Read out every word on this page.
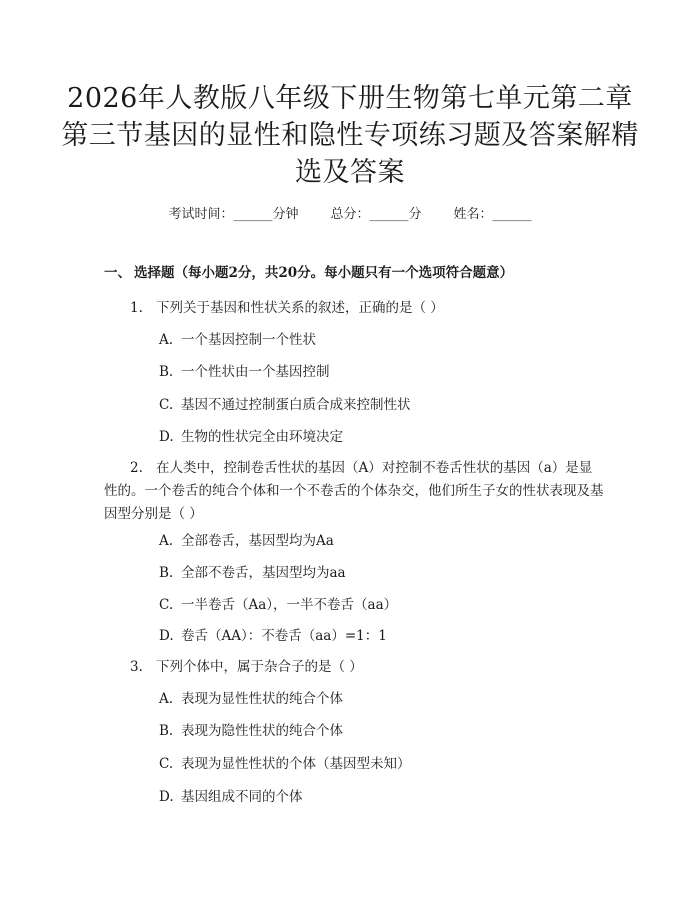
2026年人教版八年级下册生物第七单元第二章第三节基因的显性和隐性专项练习题及答案解精选及答案
考试时间：______分钟 总分：______分 姓名：______
一、 选择题（每小题2分，共20分。每小题只有一个选项符合题意）
1. 下列关于基因和性状关系的叙述，正确的是（ ）
A. 一个基因控制一个性状
B. 一个性状由一个基因控制
C. 基因不通过控制蛋白质合成来控制性状
D. 生物的性状完全由环境决定
2. 在人类中，控制卷舌性状的基因（A）对控制不卷舌性状的基因（a）是显性的。一个卷舌的纯合个体和一个不卷舌的个体杂交，他们所生子女的性状表现及基因型分别是（ ）
A. 全部卷舌，基因型均为Aa
B. 全部不卷舌，基因型均为aa
C. 一半卷舌（Aa），一半不卷舌（aa）
D. 卷舌（AA）：不卷舌（aa）=1：1
3. 下列个体中，属于杂合子的是（ ）
A. 表现为显性性状的纯合个体
B. 表现为隐性性状的纯合个体
C. 表现为显性性状的个体（基因型未知）
D. 基因组成不同的个体
